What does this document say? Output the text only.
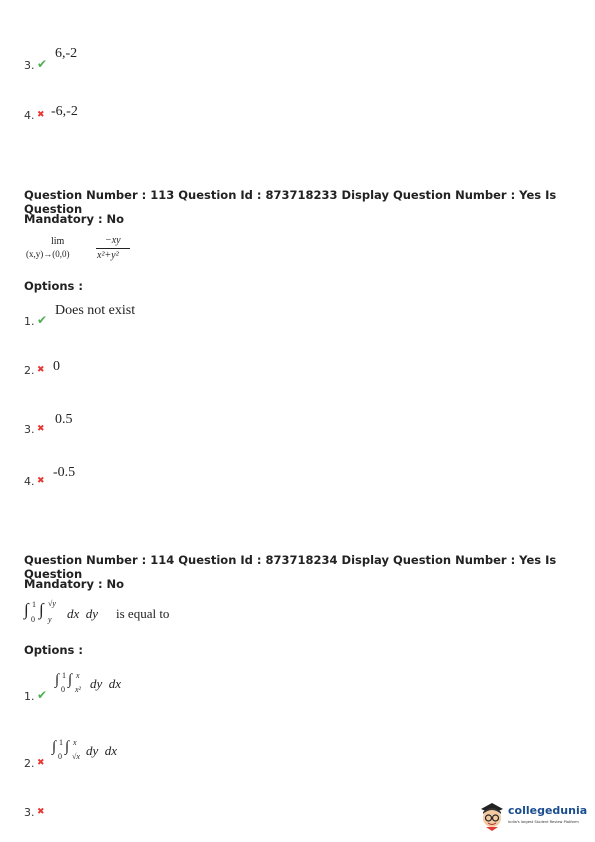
3. ✔
6,-2
4. ✖ -6,-2
Question Number : 113 Question Id : 873718233 Display Question Number : Yes Is Question
Mandatory : No
lim
(x,y)→(0,0)
−xy
x²+y²
Options :
1. ✔
Does not exist
2. ✖ 0
3. ✖
0.5
4. ✖
-0.5
Question Number : 114 Question Id : 873718234 Display Question Number : Yes Is Question
Mandatory : No
∫ 1
0
∫ √y
y dx  dy is equal to
Options :
1. ✔
∫ 1
0
∫ x
x² dy  dx
2. ✖
∫ 1
0
∫ x
√x dy  dx
3. ✖	collegedunia
India's largest Student Review Platform
